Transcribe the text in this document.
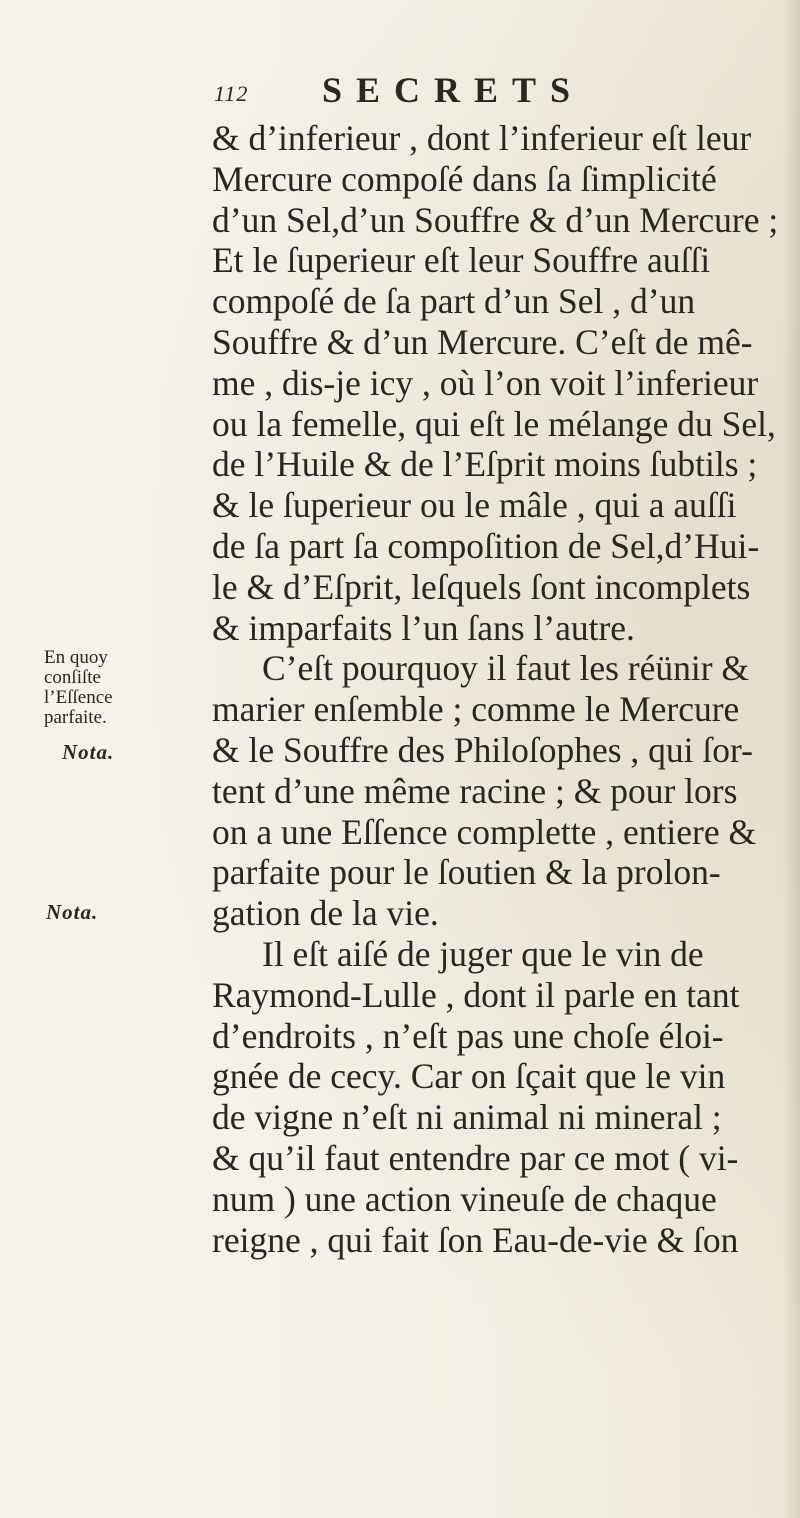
112 SECRETS
& d’inferieur , dont l’inferieur eſt leur
Mercure compoſé dans ſa ſimplicité
d’un Sel,d’un Souffre & d’un Mercure ;
Et le ſuperieur eſt leur Souffre auſſi
compoſé de ſa part d’un Sel , d’un
Souffre & d’un Mercure. C’eſt de mê-
me , dis-je icy , où l’on voit l’inferieur
ou la femelle, qui eſt le mélange du Sel,
de l’Huile & de l’Eſprit moins ſubtils ;
& le ſuperieur ou le mâle , qui a auſſi
de ſa part ſa compoſition de Sel,d’Hui-
le & d’Eſprit, leſquels ſont incomplets
& imparfaits l’un ſans l’autre.
C’eſt pourquoy il faut les réünir &
marier enſemble ; comme le Mercure
& le Souffre des Philoſophes , qui ſor-
tent d’une même racine ; & pour lors
on a une Eſſence complette , entiere &
parfaite pour le ſoutien & la prolon-
gation de la vie.
Il eſt aiſé de juger que le vin de
Raymond-Lulle , dont il parle en tant
d’endroits , n’eſt pas une choſe éloi-
gnée de cecy. Car on ſçait que le vin
de vigne n’eſt ni animal ni mineral ;
& qu’il faut entendre par ce mot ( vi-
num ) une action vineuſe de chaque
reigne , qui fait ſon Eau-de-vie & ſon
En quoy
conſiſte
l’Eſſence
parfaite.
Nota.
Nota.
